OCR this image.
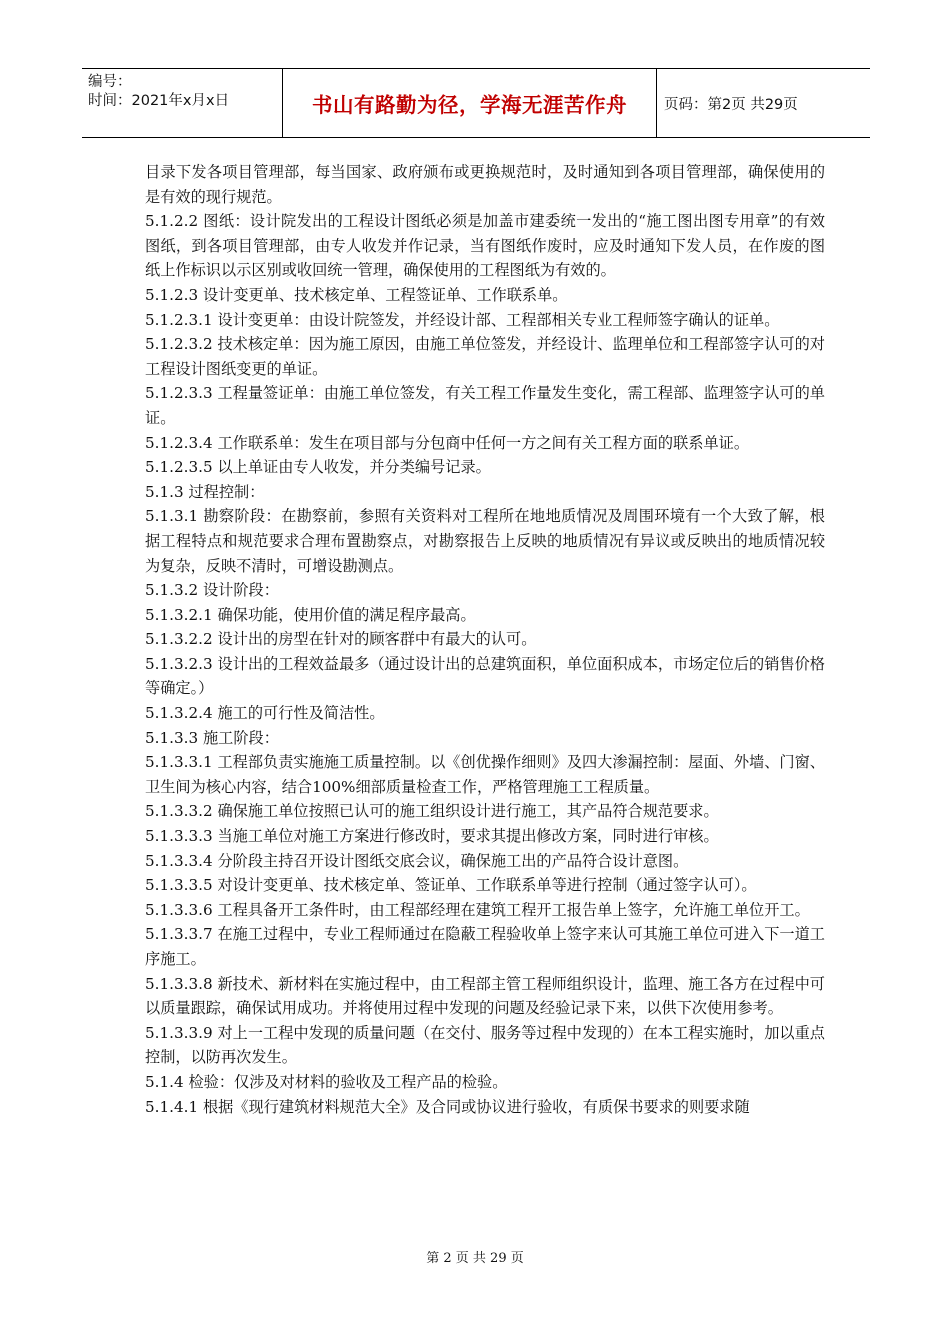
编号：
时间：2021年x月x日	书山有路勤为径，学海无涯苦作舟	页码：第2页 共29页

目录下发各项目管理部，每当国家、政府颁布或更换规范时，及时通知到各项目管理部，确保使用的是有效的现行规范。

5.1.2.2 图纸：设计院发出的工程设计图纸必须是加盖市建委统一发出的“施工图出图专用章”的有效图纸，到各项目管理部，由专人收发并作记录，当有图纸作废时，应及时通知下发人员，在作废的图纸上作标识以示区别或收回统一管理，确保使用的工程图纸为有效的。

5.1.2.3 设计变更单、技术核定单、工程签证单、工作联系单。

5.1.2.3.1 设计变更单：由设计院签发，并经设计部、工程部相关专业工程师签字确认的证单。

5.1.2.3.2 技术核定单：因为施工原因，由施工单位签发，并经设计、监理单位和工程部签字认可的对工程设计图纸变更的单证。

5.1.2.3.3 工程量签证单：由施工单位签发，有关工程工作量发生变化，需工程部、监理签字认可的单证。

5.1.2.3.4 工作联系单：发生在项目部与分包商中任何一方之间有关工程方面的联系单证。

5.1.2.3.5 以上单证由专人收发，并分类编号记录。

5.1.3 过程控制：

5.1.3.1 勘察阶段：在勘察前，参照有关资料对工程所在地地质情况及周围环境有一个大致了解，根据工程特点和规范要求合理布置勘察点，对勘察报告上反映的地质情况有异议或反映出的地质情况较为复杂，反映不清时，可增设勘测点。

5.1.3.2 设计阶段：

5.1.3.2.1 确保功能，使用价值的满足程序最高。

5.1.3.2.2 设计出的房型在针对的顾客群中有最大的认可。

5.1.3.2.3 设计出的工程效益最多（通过设计出的总建筑面积，单位面积成本，市场定位后的销售价格等确定。）

5.1.3.2.4 施工的可行性及简洁性。

5.1.3.3 施工阶段：

5.1.3.3.1 工程部负责实施施工质量控制。以《创优操作细则》及四大渗漏控制：屋面、外墙、门窗、卫生间为核心内容，结合100%细部质量检查工作，严格管理施工工程质量。

5.1.3.3.2 确保施工单位按照已认可的施工组织设计进行施工，其产品符合规范要求。

5.1.3.3.3 当施工单位对施工方案进行修改时，要求其提出修改方案，同时进行审核。

5.1.3.3.4 分阶段主持召开设计图纸交底会议，确保施工出的产品符合设计意图。

5.1.3.3.5 对设计变更单、技术核定单、签证单、工作联系单等进行控制（通过签字认可）。

5.1.3.3.6 工程具备开工条件时，由工程部经理在建筑工程开工报告单上签字，允许施工单位开工。

5.1.3.3.7 在施工过程中，专业工程师通过在隐蔽工程验收单上签字来认可其施工单位可进入下一道工序施工。

5.1.3.3.8 新技术、新材料在实施过程中，由工程部主管工程师组织设计，监理、施工各方在过程中可以质量跟踪，确保试用成功。并将使用过程中发现的问题及经验记录下来，以供下次使用参考。

5.1.3.3.9 对上一工程中发现的质量问题（在交付、服务等过程中发现的）在本工程实施时，加以重点控制，以防再次发生。

5.1.4 检验：仅涉及对材料的验收及工程产品的检验。

5.1.4.1 根据《现行建筑材料规范大全》及合同或协议进行验收，有质保书要求的则要求随

第 2 页 共 29 页
